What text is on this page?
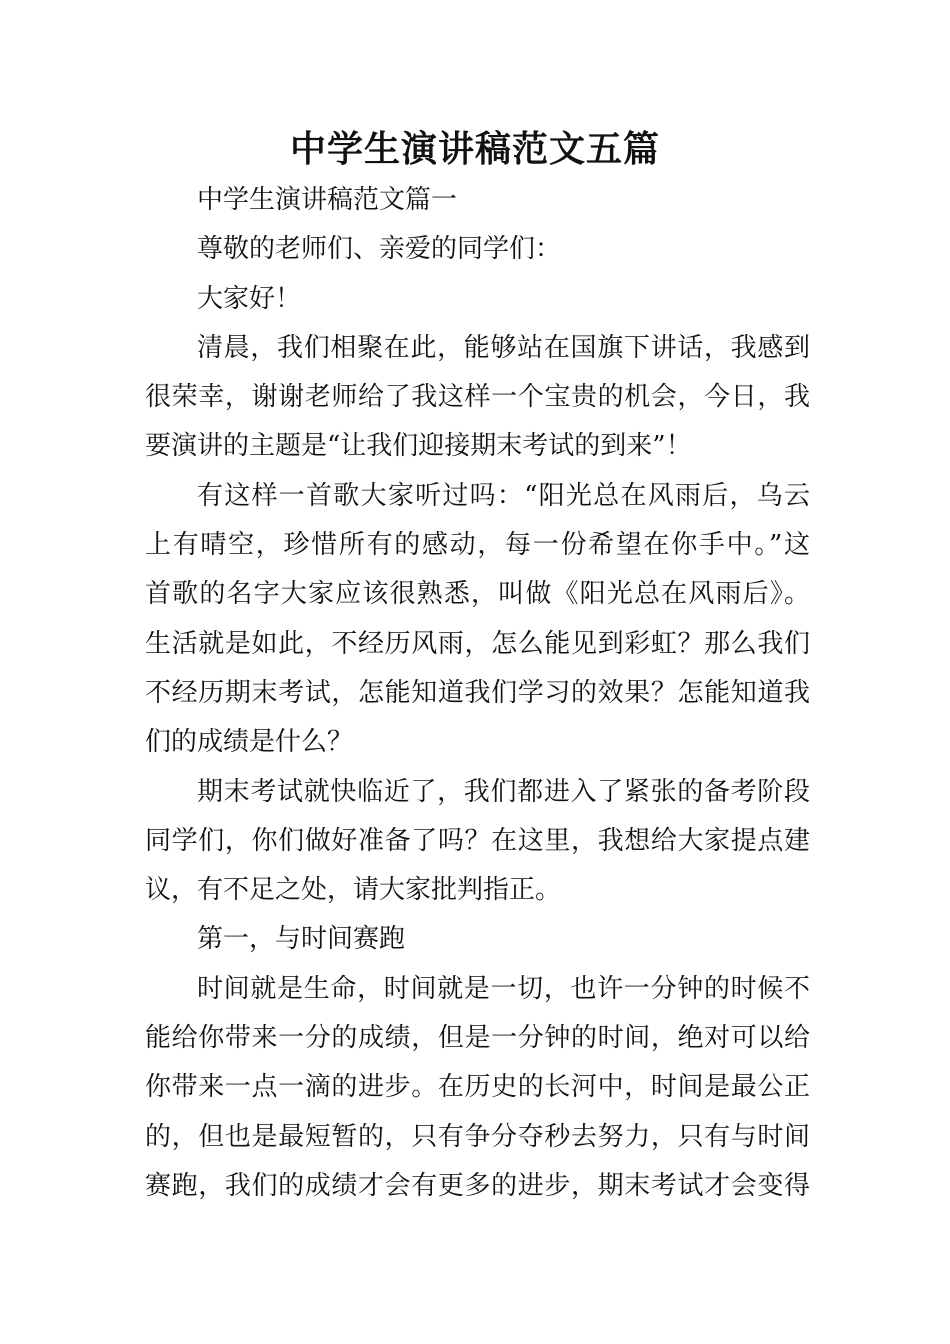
中学生演讲稿范文五篇
中学生演讲稿范文篇一
尊敬的老师们、亲爱的同学们：
大家好！
清晨，我们相聚在此，能够站在国旗下讲话，我感到
很荣幸，谢谢老师给了我这样一个宝贵的机会，今日，我
要演讲的主题是“让我们迎接期末考试的到来”！
有这样一首歌大家听过吗：“阳光总在风雨后，乌云
上有晴空，珍惜所有的感动，每一份希望在你手中。”这
首歌的名字大家应该很熟悉，叫做《阳光总在风雨后》。
生活就是如此，不经历风雨，怎么能见到彩虹？那么我们
不经历期末考试，怎能知道我们学习的效果？怎能知道我
们的成绩是什么？
期末考试就快临近了，我们都进入了紧张的备考阶段
同学们，你们做好准备了吗？在这里，我想给大家提点建
议，有不足之处，请大家批判指正。
第一，与时间赛跑
时间就是生命，时间就是一切，也许一分钟的时候不
能给你带来一分的成绩，但是一分钟的时间，绝对可以给
你带来一点一滴的进步。在历史的长河中，时间是最公正
的，但也是最短暂的，只有争分夺秒去努力，只有与时间
赛跑，我们的成绩才会有更多的进步，期末考试才会变得
